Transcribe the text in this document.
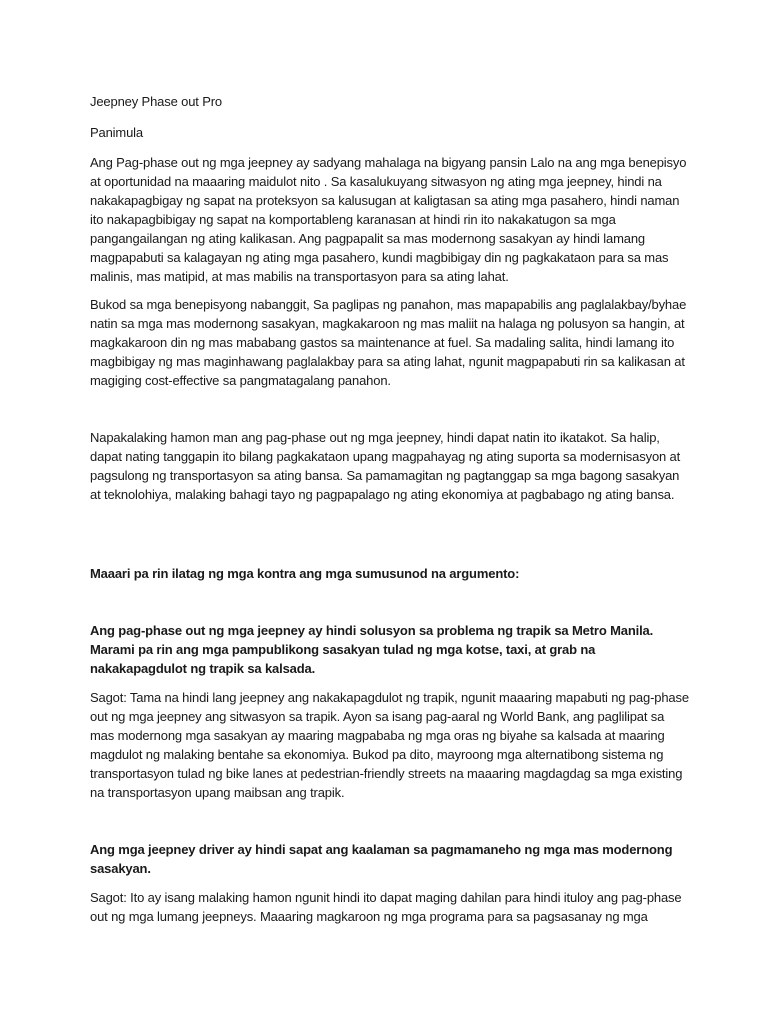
Jeepney Phase out Pro

Panimula

Ang Pag-phase out ng mga jeepney ay sadyang mahalaga na bigyang pansin Lalo na ang mga benepisyo at oportunidad na maaaring maidulot nito . Sa kasalukuyang sitwasyon ng ating mga jeepney, hindi na nakakapagbigay ng sapat na proteksyon sa kalusugan at kaligtasan sa ating mga pasahero, hindi naman ito nakapagbibigay ng sapat na komportableng karanasan at hindi rin ito nakakatugon sa mga pangangailangan ng ating kalikasan. Ang pagpapalit sa mas modernong sasakyan ay hindi lamang magpapabuti sa kalagayan ng ating mga pasahero, kundi magbibigay din ng pagkakataon para sa mas malinis, mas matipid, at mas mabilis na transportasyon para sa ating lahat.

Bukod sa mga benepisyong nabanggit, Sa paglipas ng panahon, mas mapapabilis ang paglalakbay/byhae natin sa mga mas modernong sasakyan, magkakaroon ng mas maliit na halaga ng polusyon sa hangin, at magkakaroon din ng mas mababang gastos sa maintenance at fuel. Sa madaling salita, hindi lamang ito magbibigay ng mas maginhawang paglalakbay para sa ating lahat, ngunit magpapabuti rin sa kalikasan at magiging cost-effective sa pangmatagalang panahon.

Napakalaking hamon man ang pag-phase out ng mga jeepney, hindi dapat natin ito ikatakot. Sa halip, dapat nating tanggapin ito bilang pagkakataon upang magpahayag ng ating suporta sa modernisasyon at pagsulong ng transportasyon sa ating bansa. Sa pamamagitan ng pagtanggap sa mga bagong sasakyan at teknolohiya, malaking bahagi tayo ng pagpapalago ng ating ekonomiya at pagbabago ng ating bansa.

Maaari pa rin ilatag ng mga kontra ang mga sumusunod na argumento:

Ang pag-phase out ng mga jeepney ay hindi solusyon sa problema ng trapik sa Metro Manila. Marami pa rin ang mga pampublikong sasakyan tulad ng mga kotse, taxi, at grab na nakakapagdulot ng trapik sa kalsada.

Sagot: Tama na hindi lang jeepney ang nakakapagdulot ng trapik, ngunit maaaring mapabuti ng pag-phase out ng mga jeepney ang sitwasyon sa trapik. Ayon sa isang pag-aaral ng World Bank, ang paglilipat sa mas modernong mga sasakyan ay maaring magpababa ng mga oras ng biyahe sa kalsada at maaring magdulot ng malaking bentahe sa ekonomiya. Bukod pa dito, mayroong mga alternatibong sistema ng transportasyon tulad ng bike lanes at pedestrian-friendly streets na maaaring magdagdag sa mga existing na transportasyon upang maibsan ang trapik.

Ang mga jeepney driver ay hindi sapat ang kaalaman sa pagmamaneho ng mga mas modernong sasakyan.

Sagot: Ito ay isang malaking hamon ngunit hindi ito dapat maging dahilan para hindi ituloy ang pag-phase out ng mga lumang jeepneys. Maaaring magkaroon ng mga programa para sa pagsasanay ng mga
